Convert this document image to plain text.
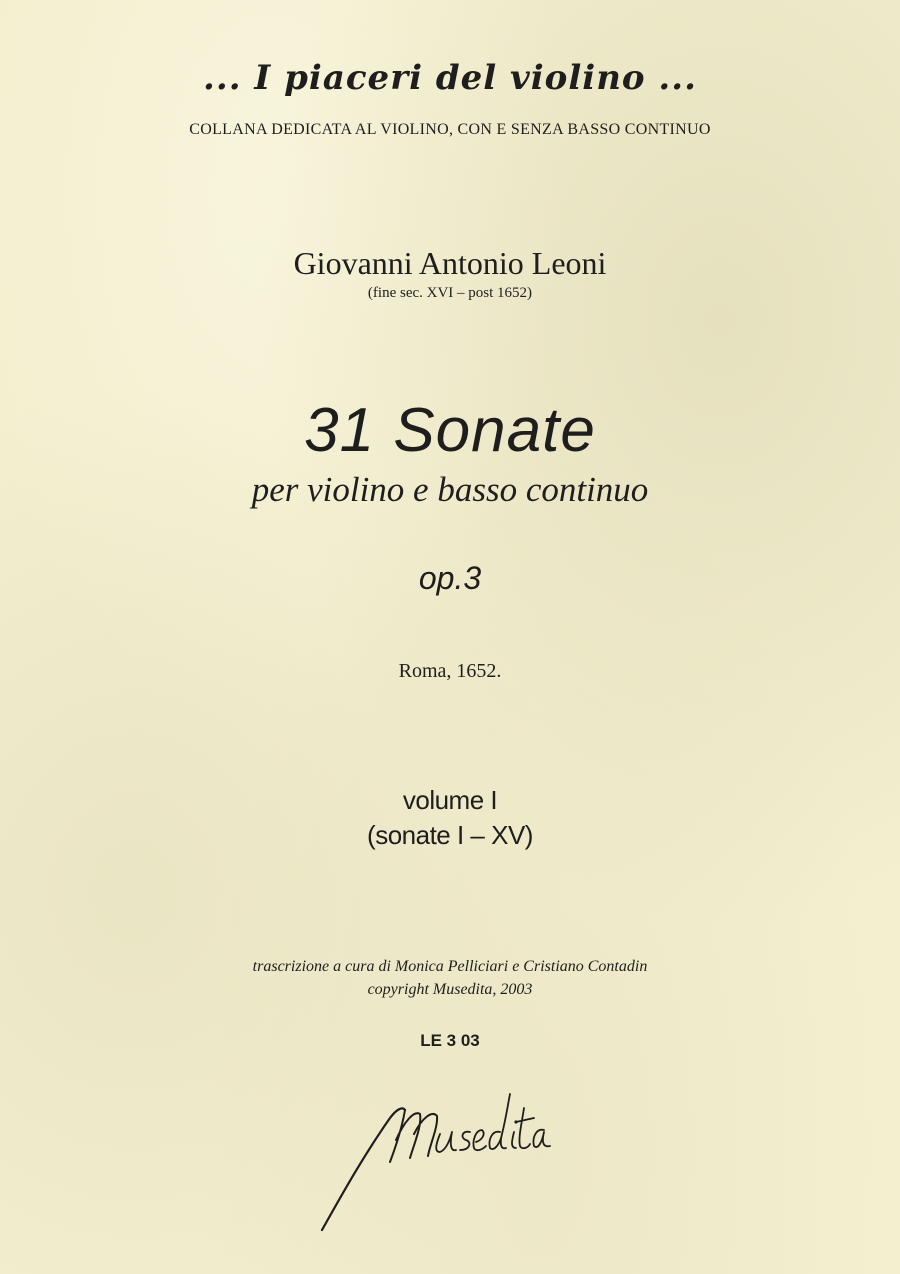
... I piaceri del violino ...
COLLANA DEDICATA AL VIOLINO, CON E SENZA BASSO CONTINUO
Giovanni Antonio Leoni
(fine sec. XVI – post 1652)
31 Sonate
per violino e basso continuo
op.3
Roma, 1652.
volume I
(sonate I – XV)
trascrizione a cura di Monica Pelliciari e Cristiano Contadin
copyright Musedita, 2003
LE 3 03
